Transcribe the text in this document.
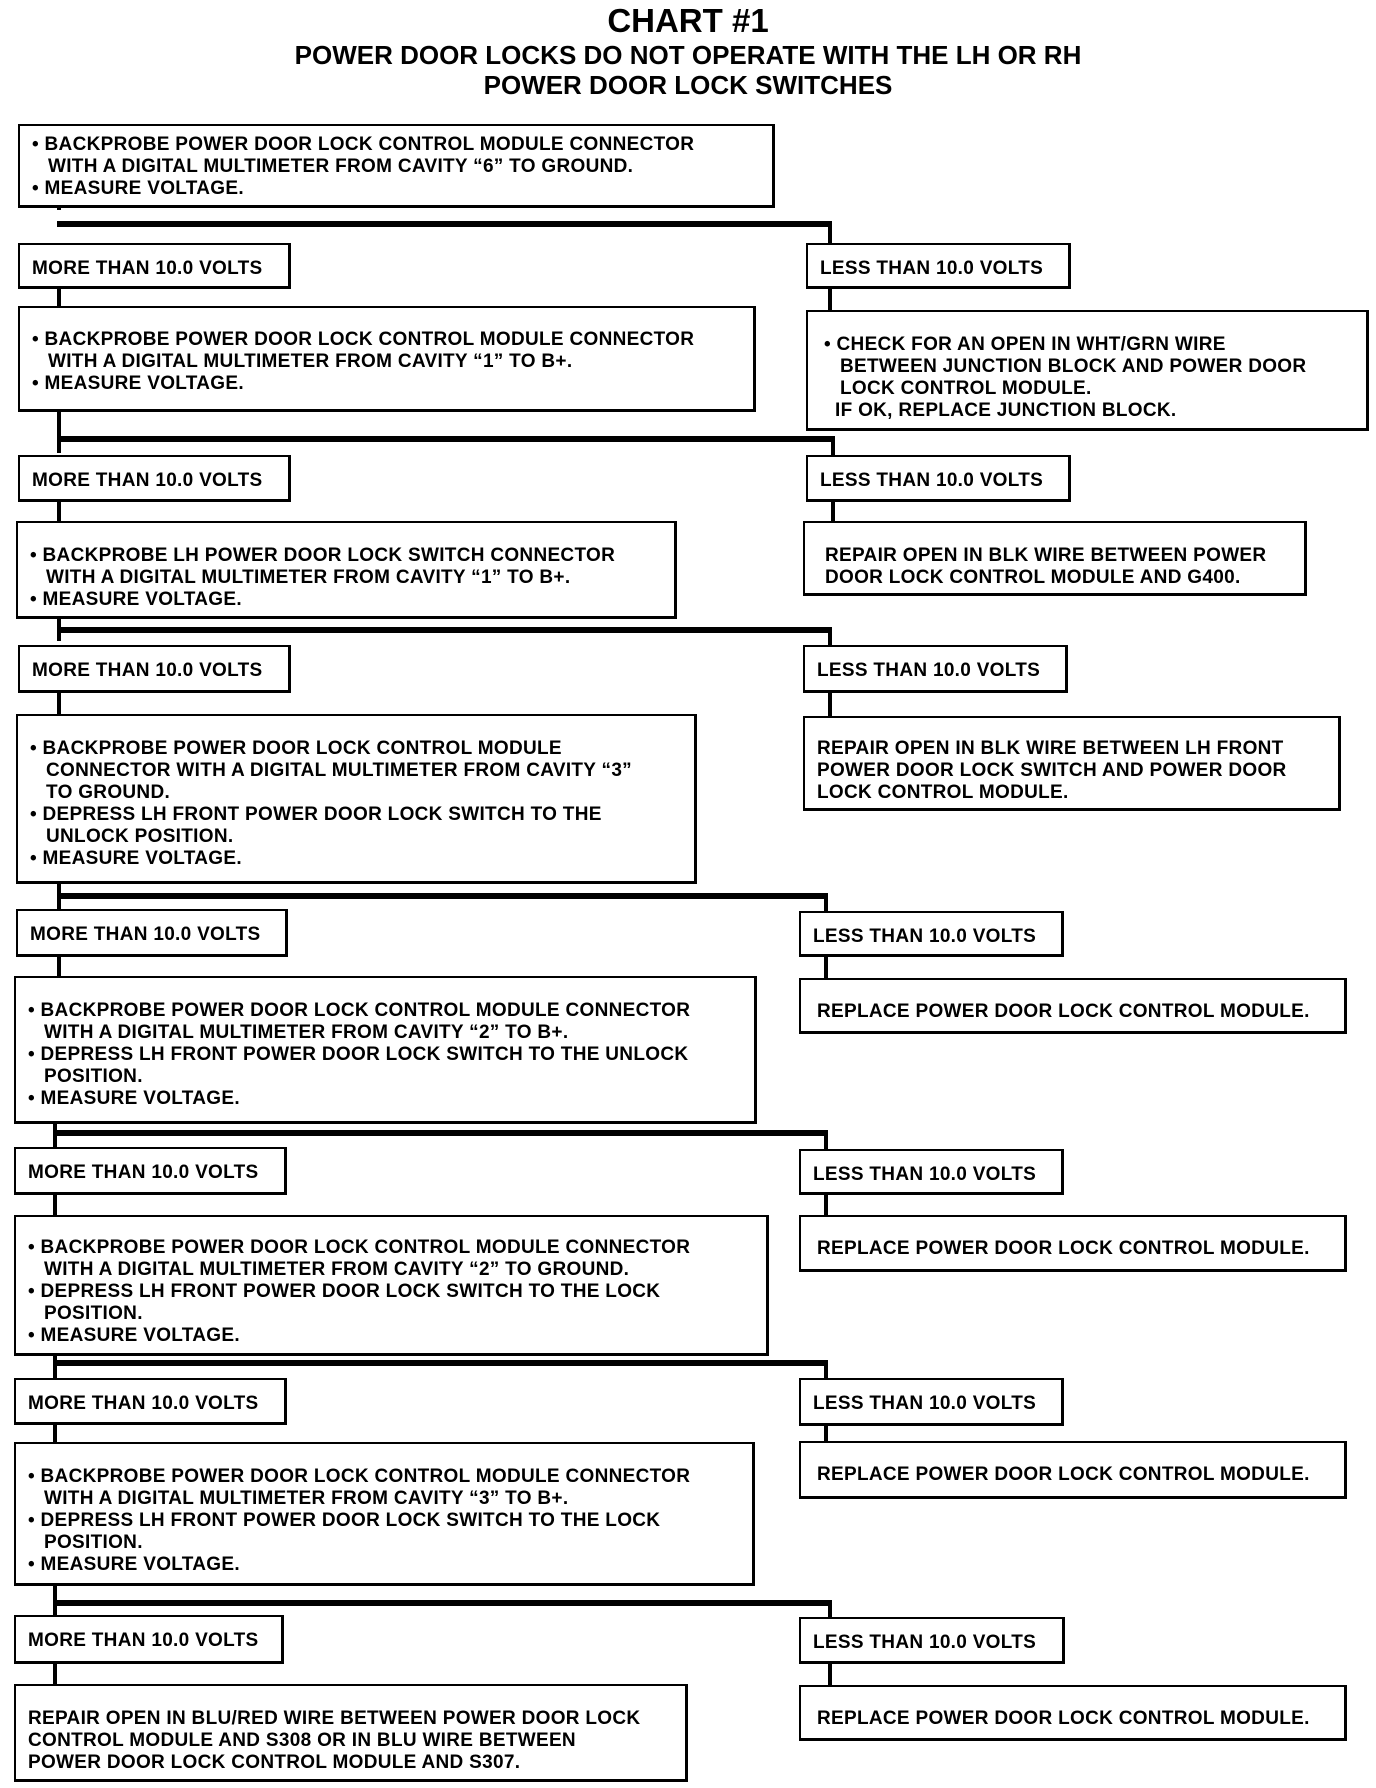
CHART #1
POWER DOOR LOCKS DO NOT OPERATE WITH THE LH OR RH
POWER DOOR LOCK SWITCHES
• BACKPROBE POWER DOOR LOCK CONTROL MODULE CONNECTOR
WITH A DIGITAL MULTIMETER FROM CAVITY “6” TO GROUND.
• MEASURE VOLTAGE.
MORE THAN 10.0 VOLTS	LESS THAN 10.0 VOLTS
• BACKPROBE POWER DOOR LOCK CONTROL MODULE CONNECTOR
WITH A DIGITAL MULTIMETER FROM CAVITY “1” TO B+.
• MEASURE VOLTAGE.
• CHECK FOR AN OPEN IN WHT/GRN WIRE
BETWEEN JUNCTION BLOCK AND POWER DOOR
LOCK CONTROL MODULE.
IF OK, REPLACE JUNCTION BLOCK.
MORE THAN 10.0 VOLTS	LESS THAN 10.0 VOLTS
• BACKPROBE LH POWER DOOR LOCK SWITCH CONNECTOR
WITH A DIGITAL MULTIMETER FROM CAVITY “1” TO B+.
• MEASURE VOLTAGE.
REPAIR OPEN IN BLK WIRE BETWEEN POWER
DOOR LOCK CONTROL MODULE AND G400.
MORE THAN 10.0 VOLTS	LESS THAN 10.0 VOLTS
• BACKPROBE POWER DOOR LOCK CONTROL MODULE
CONNECTOR WITH A DIGITAL MULTIMETER FROM CAVITY “3”
TO GROUND.
• DEPRESS LH FRONT POWER DOOR LOCK SWITCH TO THE
UNLOCK POSITION.
• MEASURE VOLTAGE.
REPAIR OPEN IN BLK WIRE BETWEEN LH FRONT
POWER DOOR LOCK SWITCH AND POWER DOOR
LOCK CONTROL MODULE.
MORE THAN 10.0 VOLTS	LESS THAN 10.0 VOLTS
• BACKPROBE POWER DOOR LOCK CONTROL MODULE CONNECTOR
WITH A DIGITAL MULTIMETER FROM CAVITY “2” TO B+.
• DEPRESS LH FRONT POWER DOOR LOCK SWITCH TO THE UNLOCK
POSITION.
• MEASURE VOLTAGE.
REPLACE POWER DOOR LOCK CONTROL MODULE.
MORE THAN 10.0 VOLTS	LESS THAN 10.0 VOLTS
• BACKPROBE POWER DOOR LOCK CONTROL MODULE CONNECTOR
WITH A DIGITAL MULTIMETER FROM CAVITY “2” TO GROUND.
• DEPRESS LH FRONT POWER DOOR LOCK SWITCH TO THE LOCK
POSITION.
• MEASURE VOLTAGE.
REPLACE POWER DOOR LOCK CONTROL MODULE.
MORE THAN 10.0 VOLTS	LESS THAN 10.0 VOLTS
• BACKPROBE POWER DOOR LOCK CONTROL MODULE CONNECTOR
WITH A DIGITAL MULTIMETER FROM CAVITY “3” TO B+.
• DEPRESS LH FRONT POWER DOOR LOCK SWITCH TO THE LOCK
POSITION.
• MEASURE VOLTAGE.
REPLACE POWER DOOR LOCK CONTROL MODULE.
MORE THAN 10.0 VOLTS	LESS THAN 10.0 VOLTS
REPAIR OPEN IN BLU/RED WIRE BETWEEN POWER DOOR LOCK
CONTROL MODULE AND S308 OR IN BLU WIRE BETWEEN
POWER DOOR LOCK CONTROL MODULE AND S307.
REPLACE POWER DOOR LOCK CONTROL MODULE.
